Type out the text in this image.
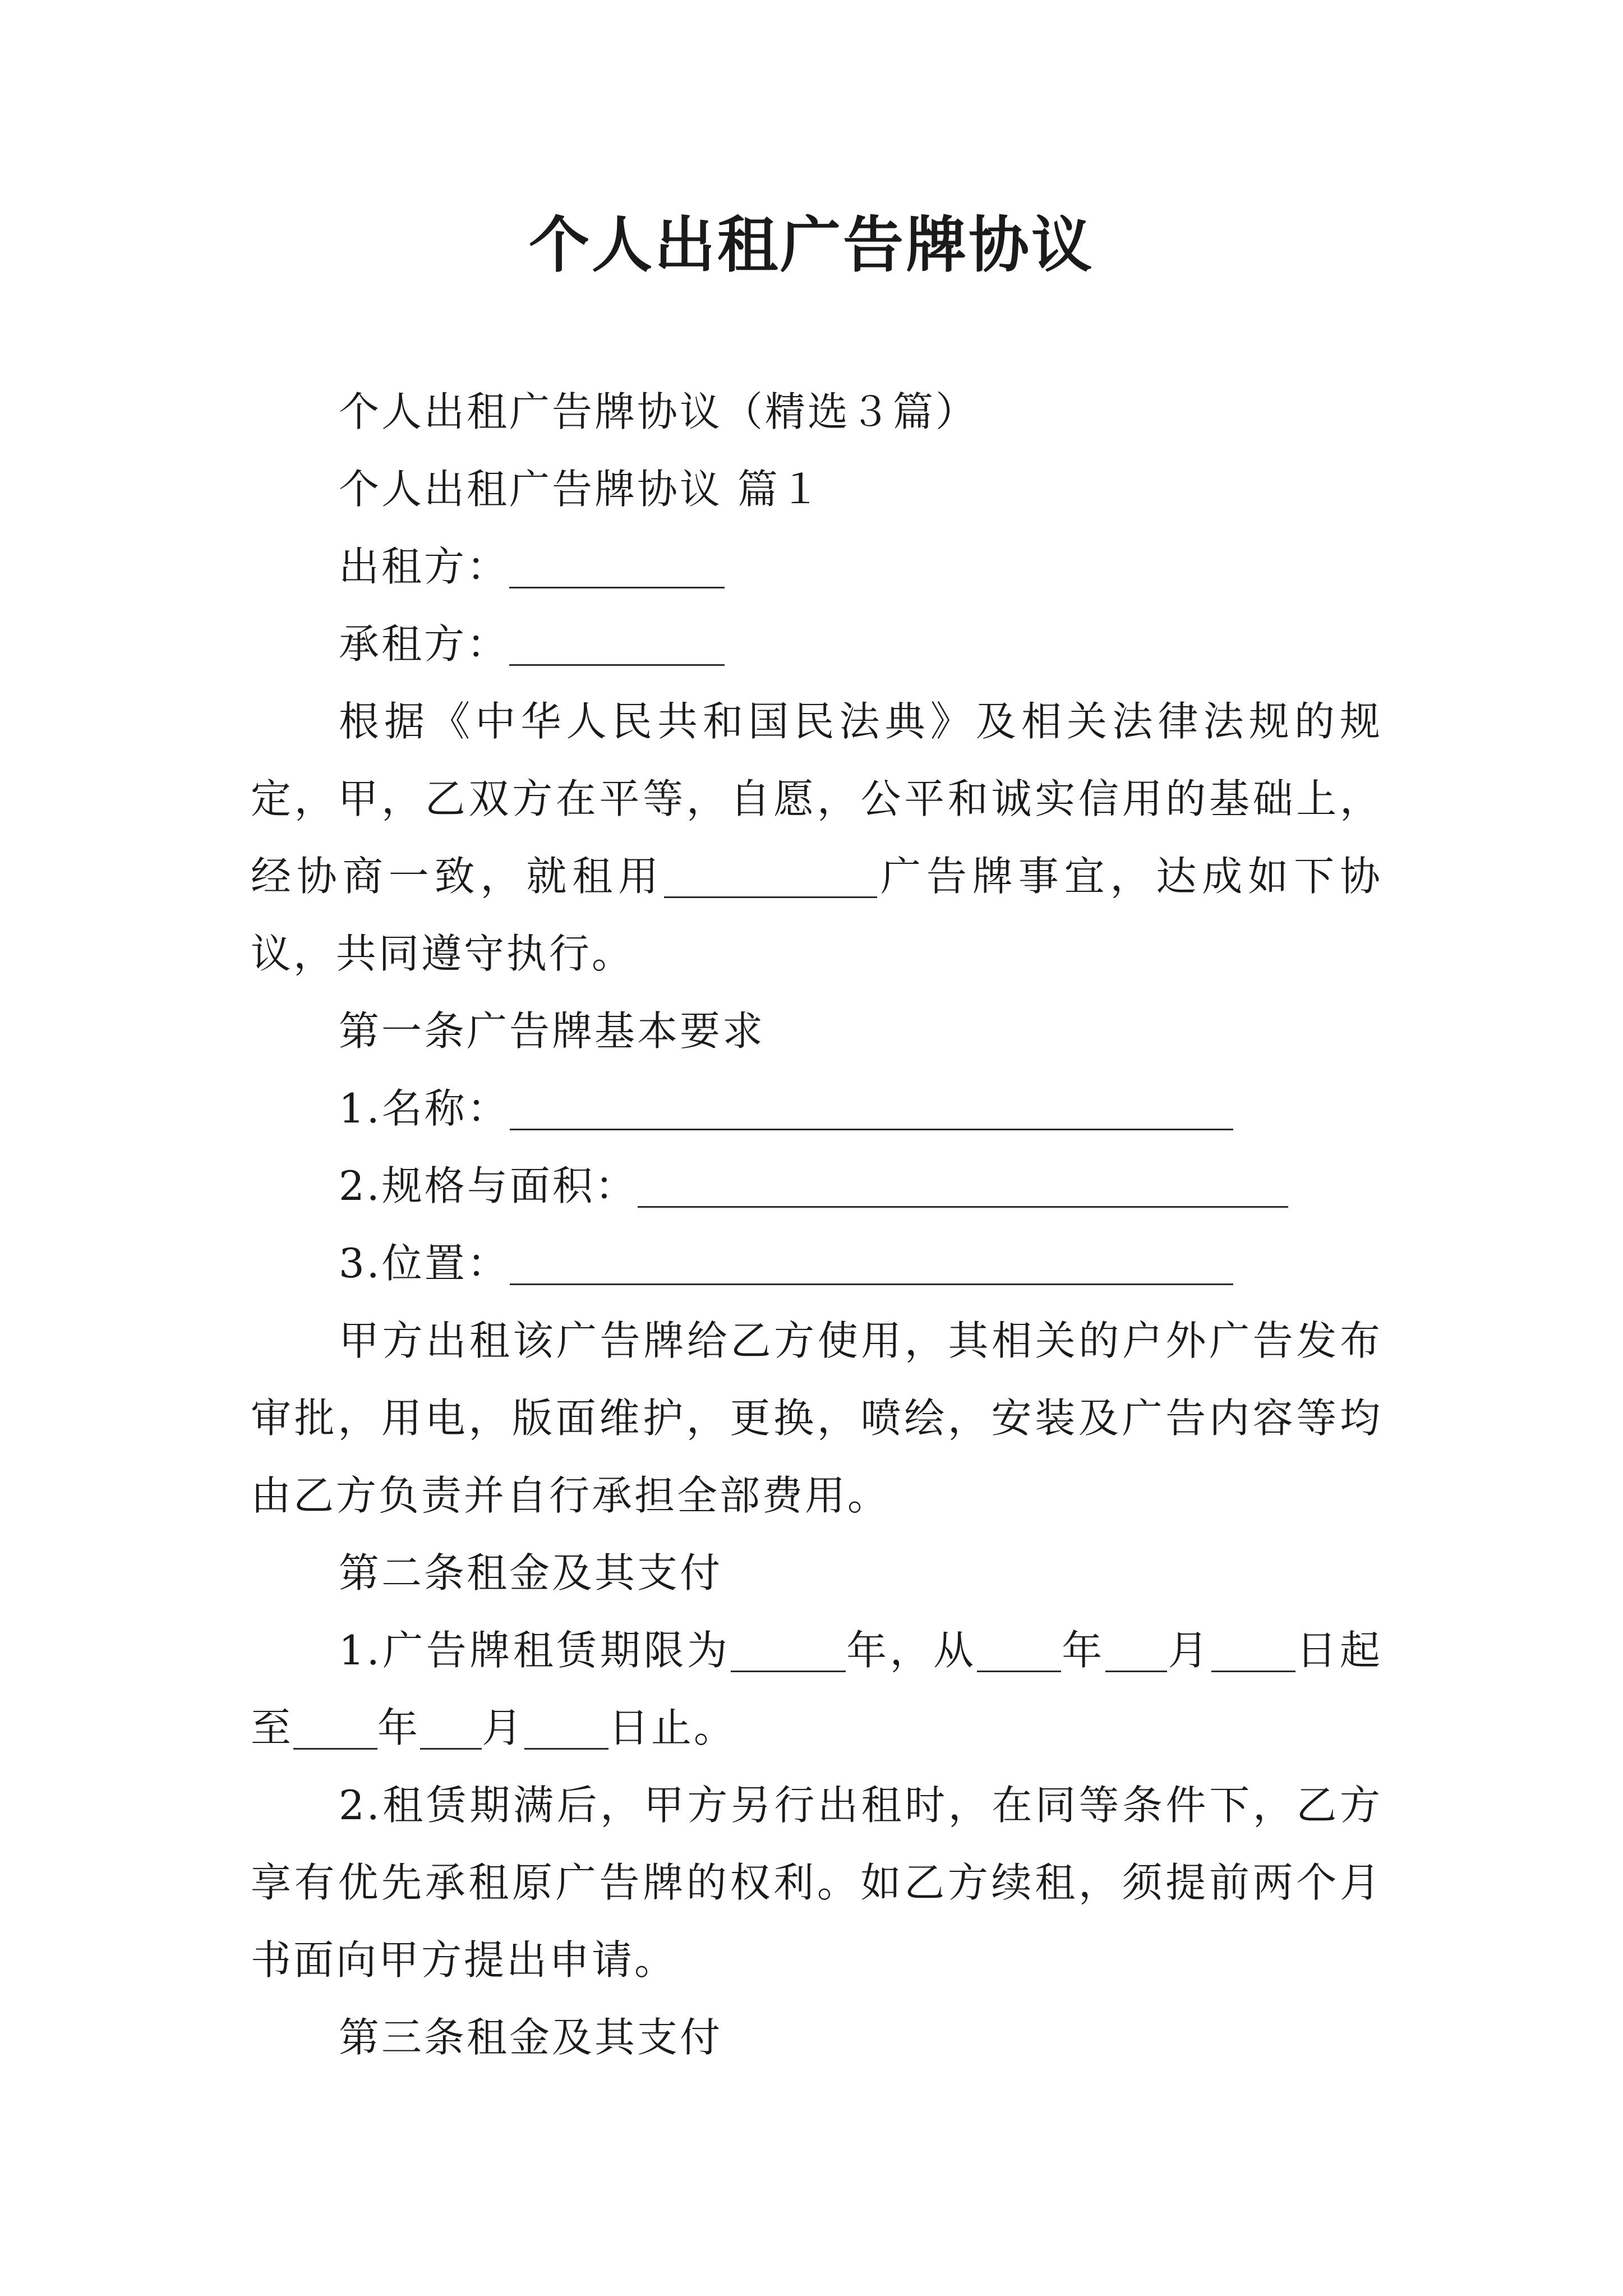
个人出租广告牌协议

个人出租广告牌协议（精选３篇）

个人出租广告牌协议 篇１

出租方：

承租方：

根据《中华人民共和国民法典》及相关法律法规的规定，甲，乙双方在平等，自愿，公平和诚实信用的基础上，经协商一致，就租用	广告牌事宜，达成如下协议，共同遵守执行。

第一条广告牌基本要求

1.名称：

2.规格与面积：

3.位置：

甲方出租该广告牌给乙方使用，其相关的户外广告发布审批，用电，版面维护，更换，喷绘，安装及广告内容等均由乙方负责并自行承担全部费用。

第二条租金及其支付

1.广告牌租赁期限为	年，从 年 月 日起至 年 月 日止。

2.租赁期满后，甲方另行出租时，在同等条件下，乙方享有优先承租原广告牌的权利。如乙方续租，须提前两个月书面向甲方提出申请。

第三条租金及其支付
